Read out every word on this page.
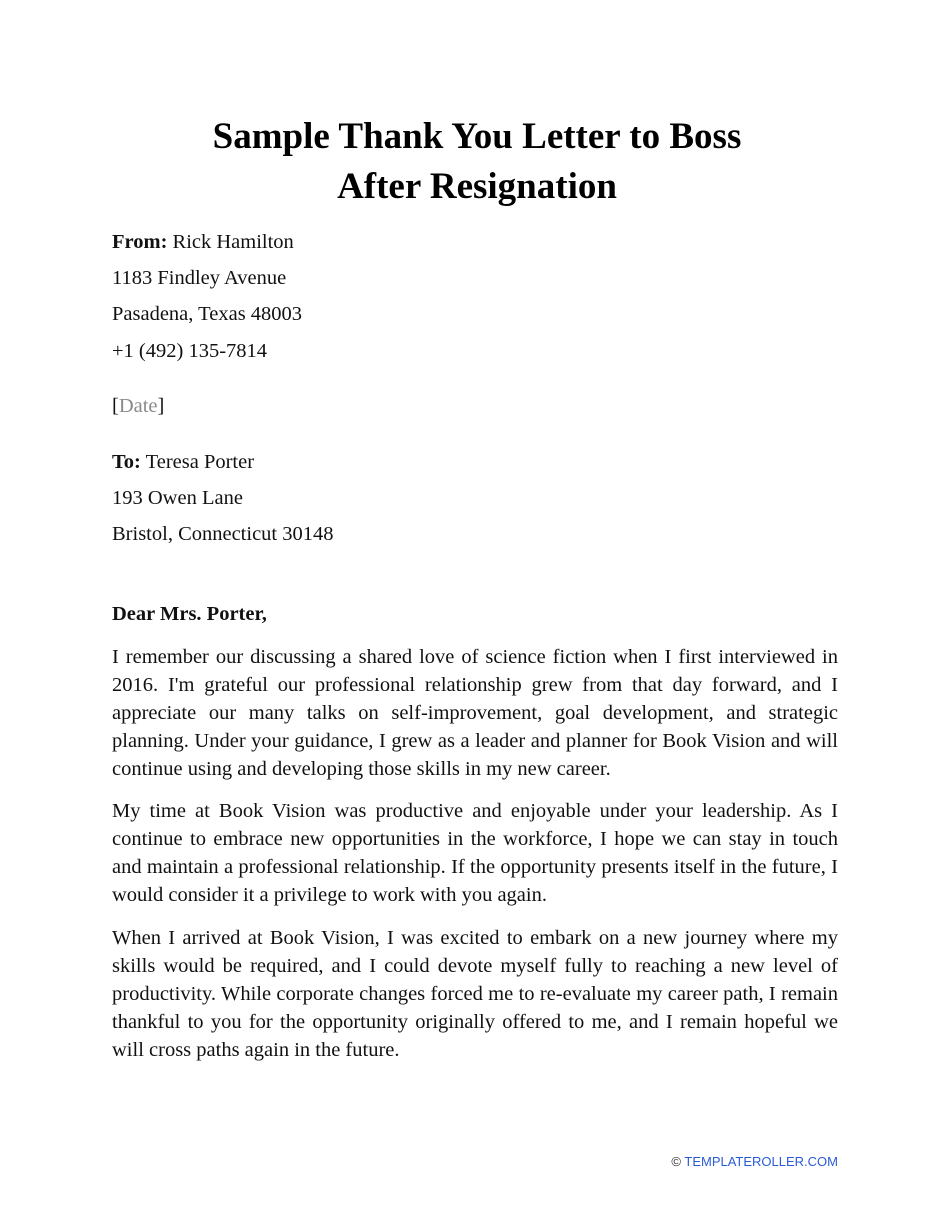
Sample Thank You Letter to Boss
After Resignation

From: Rick Hamilton

1183 Findley Avenue

Pasadena, Texas 48003

+1 (492) 135-7814

[Date]

To: Teresa Porter

193 Owen Lane

Bristol, Connecticut 30148

Dear Mrs. Porter,

I remember our discussing a shared love of science fiction when I first interviewed in 2016. I'm grateful our professional relationship grew from that day forward, and I appreciate our many talks on self-improvement, goal development, and strategic planning. Under your guidance, I grew as a leader and planner for Book Vision and will continue using and developing those skills in my new career.

My time at Book Vision was productive and enjoyable under your leadership. As I continue to embrace new opportunities in the workforce, I hope we can stay in touch and maintain a professional relationship. If the opportunity presents itself in the future, I would consider it a privilege to work with you again.

When I arrived at Book Vision, I was excited to embark on a new journey where my skills would be required, and I could devote myself fully to reaching a new level of productivity. While corporate changes forced me to re-evaluate my career path, I remain thankful to you for the opportunity originally offered to me, and I remain hopeful we will cross paths again in the future.

© TEMPLATEROLLER.COM
